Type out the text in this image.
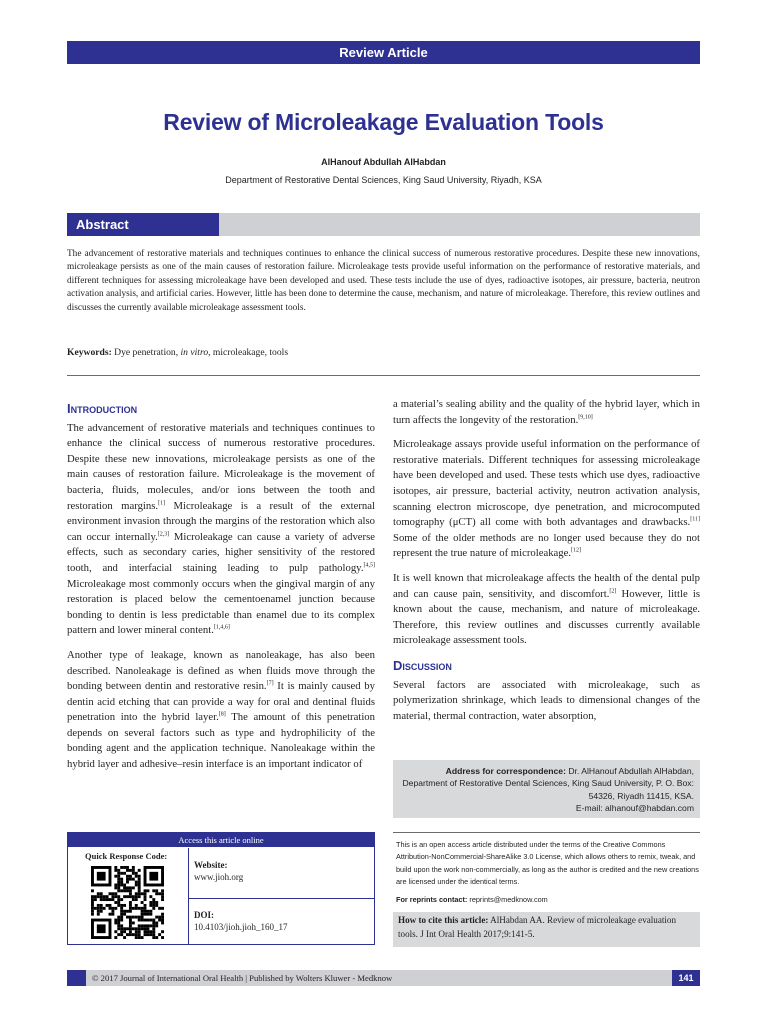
Review Article
Review of Microleakage Evaluation Tools
AlHanouf Abdullah AlHabdan
Department of Restorative Dental Sciences, King Saud University, Riyadh, KSA
Abstract
The advancement of restorative materials and techniques continues to enhance the clinical success of numerous restorative procedures. Despite these new innovations, microleakage persists as one of the main causes of restoration failure. Microleakage tests provide useful information on the performance of restorative materials, and different techniques for assessing microleakage have been developed and used. These tests include the use of dyes, radioactive isotopes, air pressure, bacteria, neutron activation analysis, and artificial caries. However, little has been done to determine the cause, mechanism, and nature of microleakage. Therefore, this review outlines and discusses the currently available microleakage assessment tools.
Keywords: Dye penetration, in vitro, microleakage, tools
Introduction

The advancement of restorative materials and techniques continues to enhance the clinical success of numerous restorative procedures. Despite these new innovations, microleakage persists as one of the main causes of restoration failure. Microleakage is the movement of bacteria, fluids, molecules, and/or ions between the tooth and restoration margins.[1] Microleakage is a result of the external environment invasion through the margins of the restoration which also can occur internally.[2,3] Microleakage can cause a variety of adverse effects, such as secondary caries, higher sensitivity of the restored tooth, and interfacial staining leading to pulp pathology.[4,5] Microleakage most commonly occurs when the gingival margin of any restoration is placed below the cementoenamel junction because bonding to dentin is less predictable than enamel due to its complex pattern and lower mineral content.[1,4,6]

Another type of leakage, known as nanoleakage, has also been described. Nanoleakage is defined as when fluids move through the bonding between dentin and restorative resin.[7] It is mainly caused by dentin acid etching that can provide a way for oral and dentinal fluids penetration into the hybrid layer.[8] The amount of this penetration depends on several factors such as type and hydrophilicity of the bonding agent and the application technique. Nanoleakage within the hybrid layer and adhesive–resin interface is an important indicator of

a material’s sealing ability and the quality of the hybrid layer, which in turn affects the longevity of the restoration.[9,10]

Microleakage assays provide useful information on the performance of restorative materials. Different techniques for assessing microleakage have been developed and used. These tests which use dyes, radioactive isotopes, air pressure, bacterial activity, neutron activation analysis, scanning electron microscope, dye penetration, and microcomputed tomography (μCT) all come with both advantages and drawbacks.[11] Some of the older methods are no longer used because they do not represent the true nature of microleakage.[12]

It is well known that microleakage affects the health of the dental pulp and can cause pain, sensitivity, and discomfort.[2] However, little is known about the cause, mechanism, and nature of microleakage. Therefore, this review outlines and discusses currently available microleakage assessment tools.

Discussion

Several factors are associated with microleakage, such as polymerization shrinkage, which leads to dimensional changes of the material, thermal contraction, water absorption,

Address for correspondence: Dr. AlHanouf Abdullah AlHabdan,
Department of Restorative Dental Sciences, King Saud University, P. O. Box:
54326, Riyadh 11415, KSA.
E-mail: alhanouf@habdan.com
Access this article online
Quick Response Code:
Website:
www.jioh.org
DOI:
10.4103/jioh.jioh_160_17
This is an open access article distributed under the terms of the Creative Commons Attribution-NonCommercial-ShareAlike 3.0 License, which allows others to remix, tweak, and build upon the work non-commercially, as long as the author is credited and the new creations are licensed under the identical terms.
For reprints contact: reprints@medknow.com
How to cite this article: AlHabdan AA. Review of microleakage evaluation tools. J Int Oral Health 2017;9:141-5.
© 2017 Journal of International Oral Health | Published by Wolters Kluwer - Medknow	141
